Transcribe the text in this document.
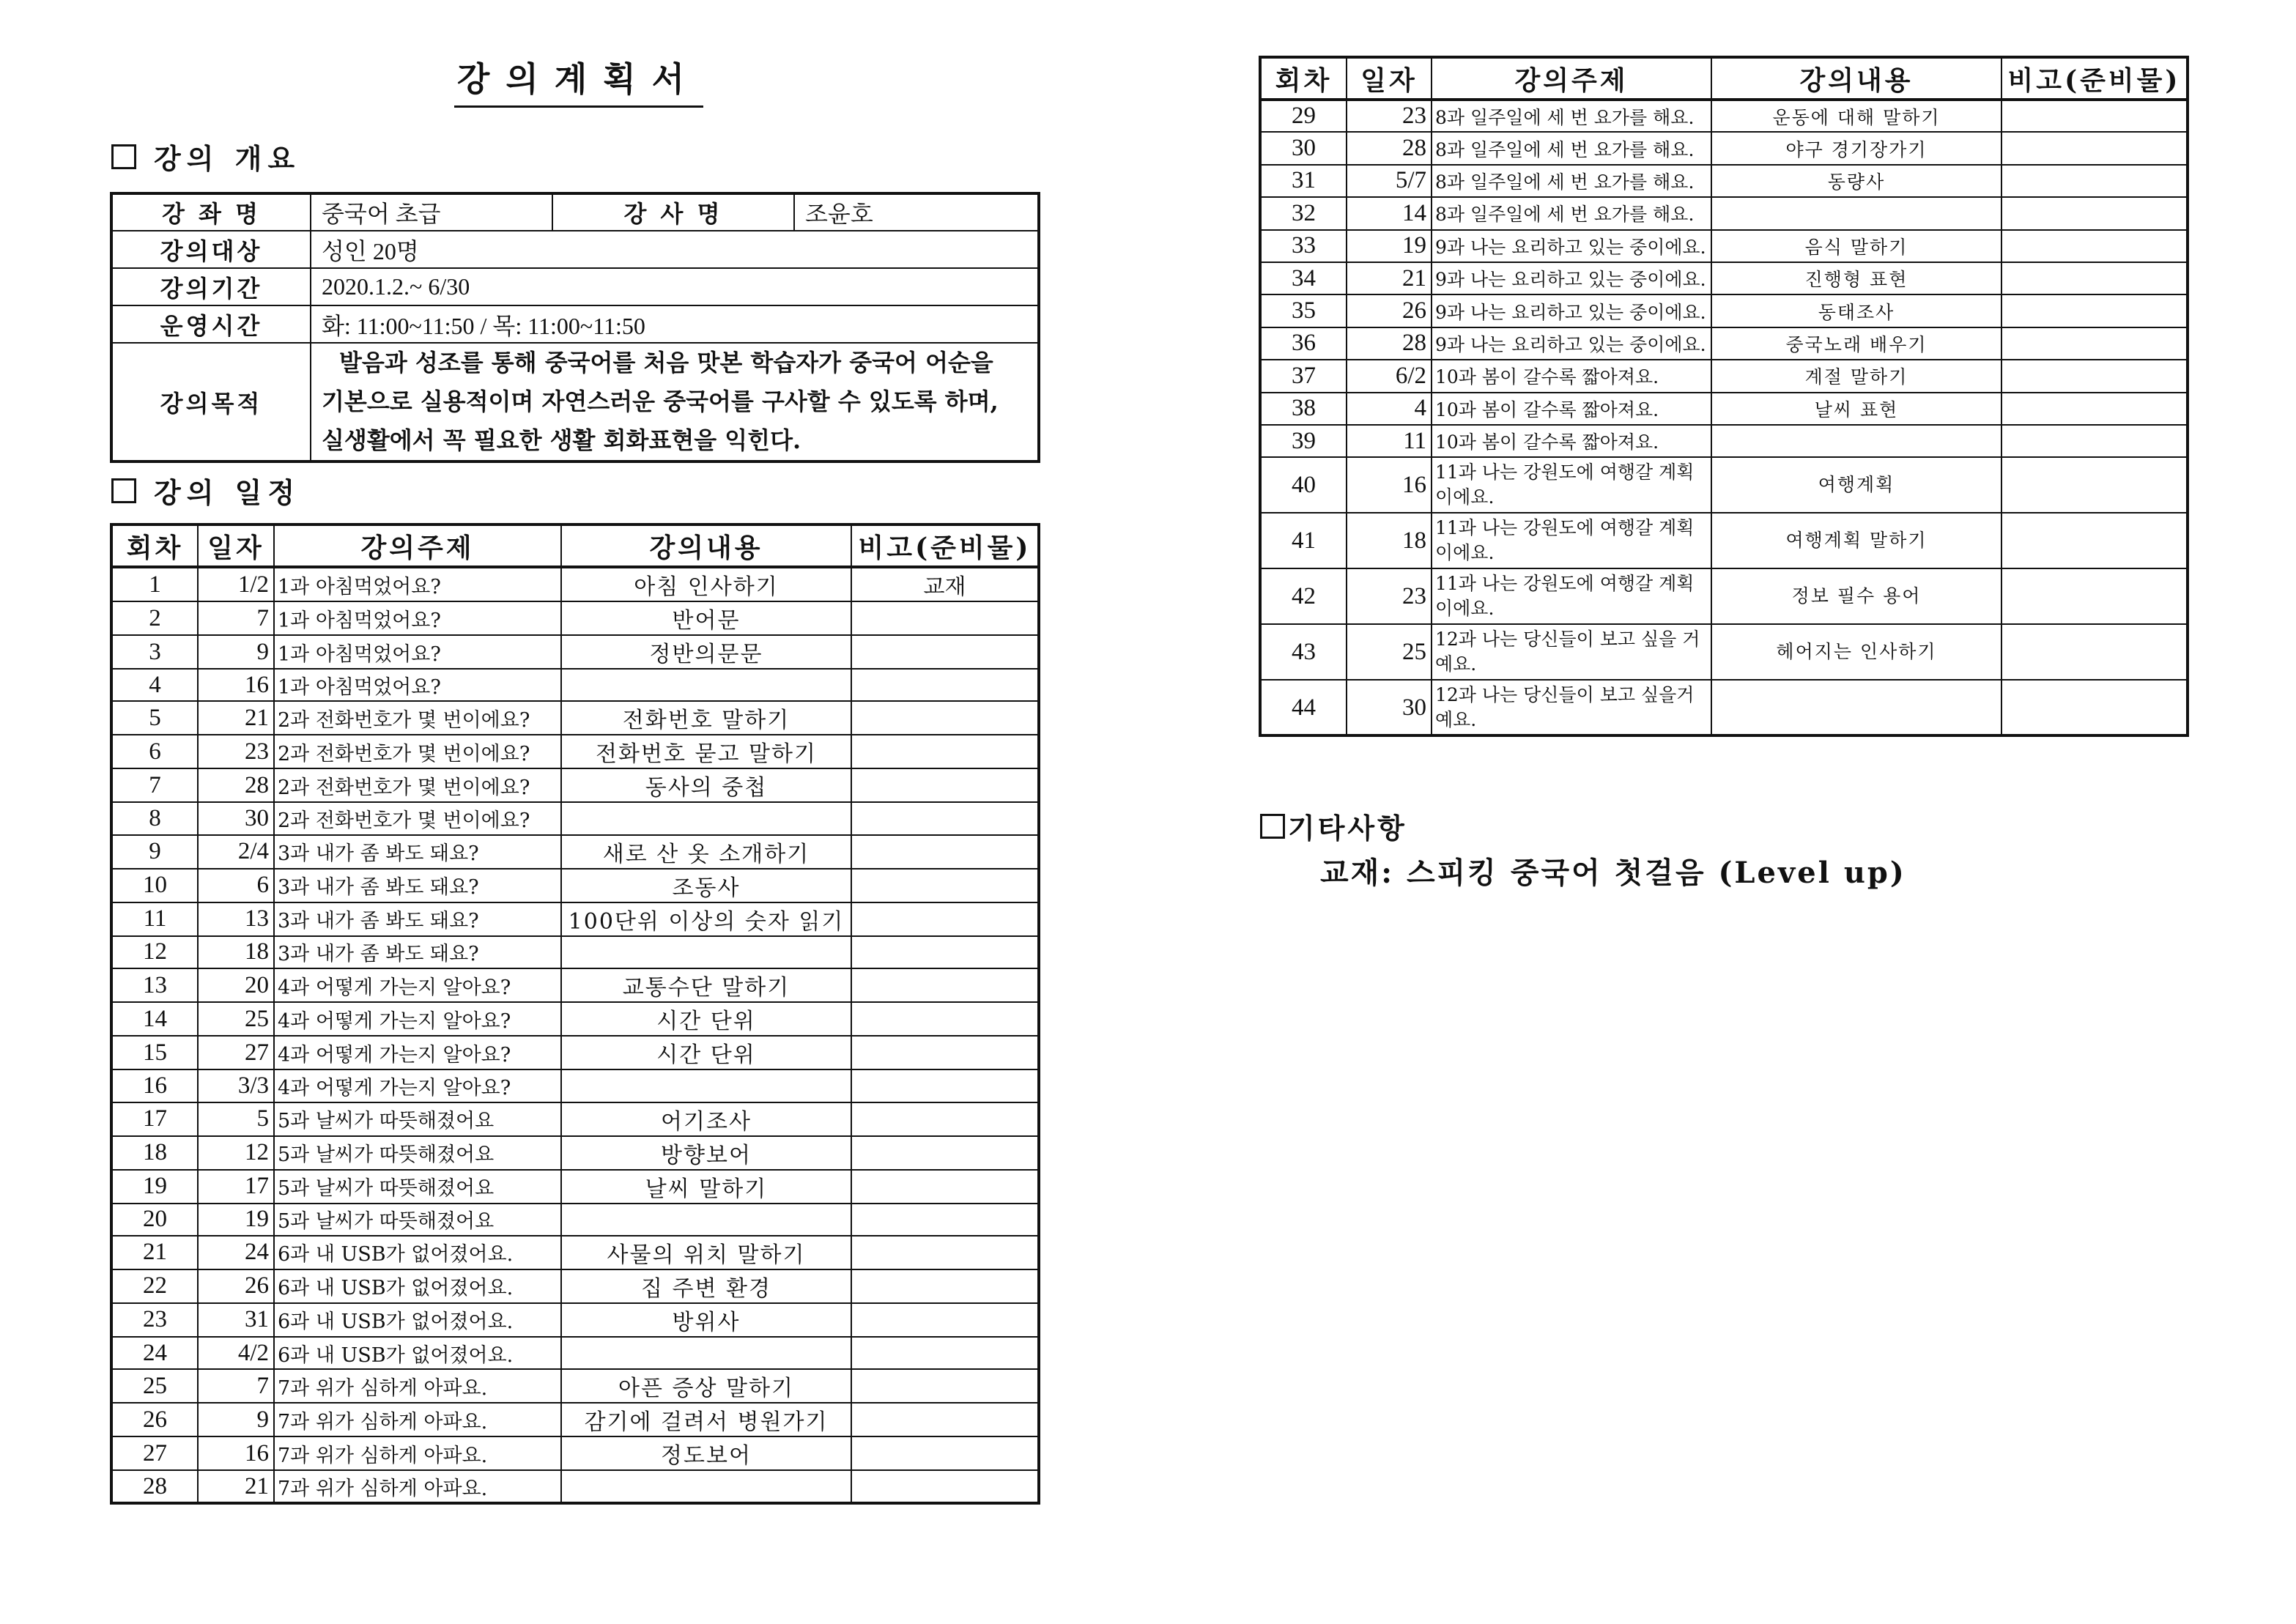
강의계획서
강의 개요
강 좌 명	중국어 초급	강 사 명	조윤호
강의대상	성인 20명		
강의기간	2020.1.2.~ 6/30		
운영시간	화: 11:00~11:50 / 목: 11:00~11:50		
강의목적	발음과 성조를 통해 중국어를 처음 맛본 학습자가 중국어 어순을
기본으로 실용적이며 자연스러운 중국어를 구사할 수 있도록 하며,
실생활에서 꼭 필요한 생활 회화표현을 익힌다.		
강의 일정
회차	일자	강의주제	강의내용	비고(준비물)
1	1/2	1과 아침먹었어요?	아침 인사하기	교재
2	7	1과 아침먹었어요?	반어문	
3	9	1과 아침먹었어요?	정반의문문	
4	16	1과 아침먹었어요?		
5	21	2과 전화번호가 몇 번이에요?	전화번호 말하기	
6	23	2과 전화번호가 몇 번이에요?	전화번호 묻고 말하기	
7	28	2과 전화번호가 몇 번이에요?	동사의 중첩	
8	30	2과 전화번호가 몇 번이에요?		
9	2/4	3과 내가 좀 봐도 돼요?	새로 산 옷 소개하기	
10	6	3과 내가 좀 봐도 돼요?	조동사	
11	13	3과 내가 좀 봐도 돼요?	100단위 이상의 숫자 읽기	
12	18	3과 내가 좀 봐도 돼요?		
13	20	4과 어떻게 가는지 알아요?	교통수단 말하기	
14	25	4과 어떻게 가는지 알아요?	시간 단위	
15	27	4과 어떻게 가는지 알아요?	시간 단위	
16	3/3	4과 어떻게 가는지 알아요?		
17	5	5과 날씨가 따뜻해졌어요	어기조사	
18	12	5과 날씨가 따뜻해졌어요	방향보어	
19	17	5과 날씨가 따뜻해졌어요	날씨 말하기	
20	19	5과 날씨가 따뜻해졌어요		
21	24	6과 내 USB가 없어졌어요.	사물의 위치 말하기	
22	26	6과 내 USB가 없어졌어요.	집 주변 환경	
23	31	6과 내 USB가 없어졌어요.	방위사	
24	4/2	6과 내 USB가 없어졌어요.		
25	7	7과 위가 심하게 아파요.	아픈 증상 말하기	
26	9	7과 위가 심하게 아파요.	감기에 걸려서 병원가기	
27	16	7과 위가 심하게 아파요.	정도보어	
28	21	7과 위가 심하게 아파요.		
회차	일자	강의주제	강의내용	비고(준비물)
29	23	8과 일주일에 세 번 요가를 해요.	운동에 대해 말하기	
30	28	8과 일주일에 세 번 요가를 해요.	야구 경기장가기	
31	5/7	8과 일주일에 세 번 요가를 해요.	동량사	
32	14	8과 일주일에 세 번 요가를 해요.		
33	19	9과 나는 요리하고 있는 중이에요.	음식 말하기	
34	21	9과 나는 요리하고 있는 중이에요.	진행형 표현	
35	26	9과 나는 요리하고 있는 중이에요.	동태조사	
36	28	9과 나는 요리하고 있는 중이에요.	중국노래 배우기	
37	6/2	10과 봄이 갈수록 짧아져요.	계절 말하기	
38	4	10과 봄이 갈수록 짧아져요.	날씨 표현	
39	11	10과 봄이 갈수록 짧아져요.		
40	16	11과 나는 강원도에 여행갈 계획이에요.	여행계획	
41	18	11과 나는 강원도에 여행갈 계획이에요.	여행계획 말하기	
42	23	11과 나는 강원도에 여행갈 계획이에요.	정보 필수 용어	
43	25	12과 나는 당신들이 보고 싶을 거예요.	헤어지는 인사하기	
44	30	12과 나는 당신들이 보고 싶을거예요.		
기타사항
교재: 스피킹 중국어 첫걸음 (Level up)
